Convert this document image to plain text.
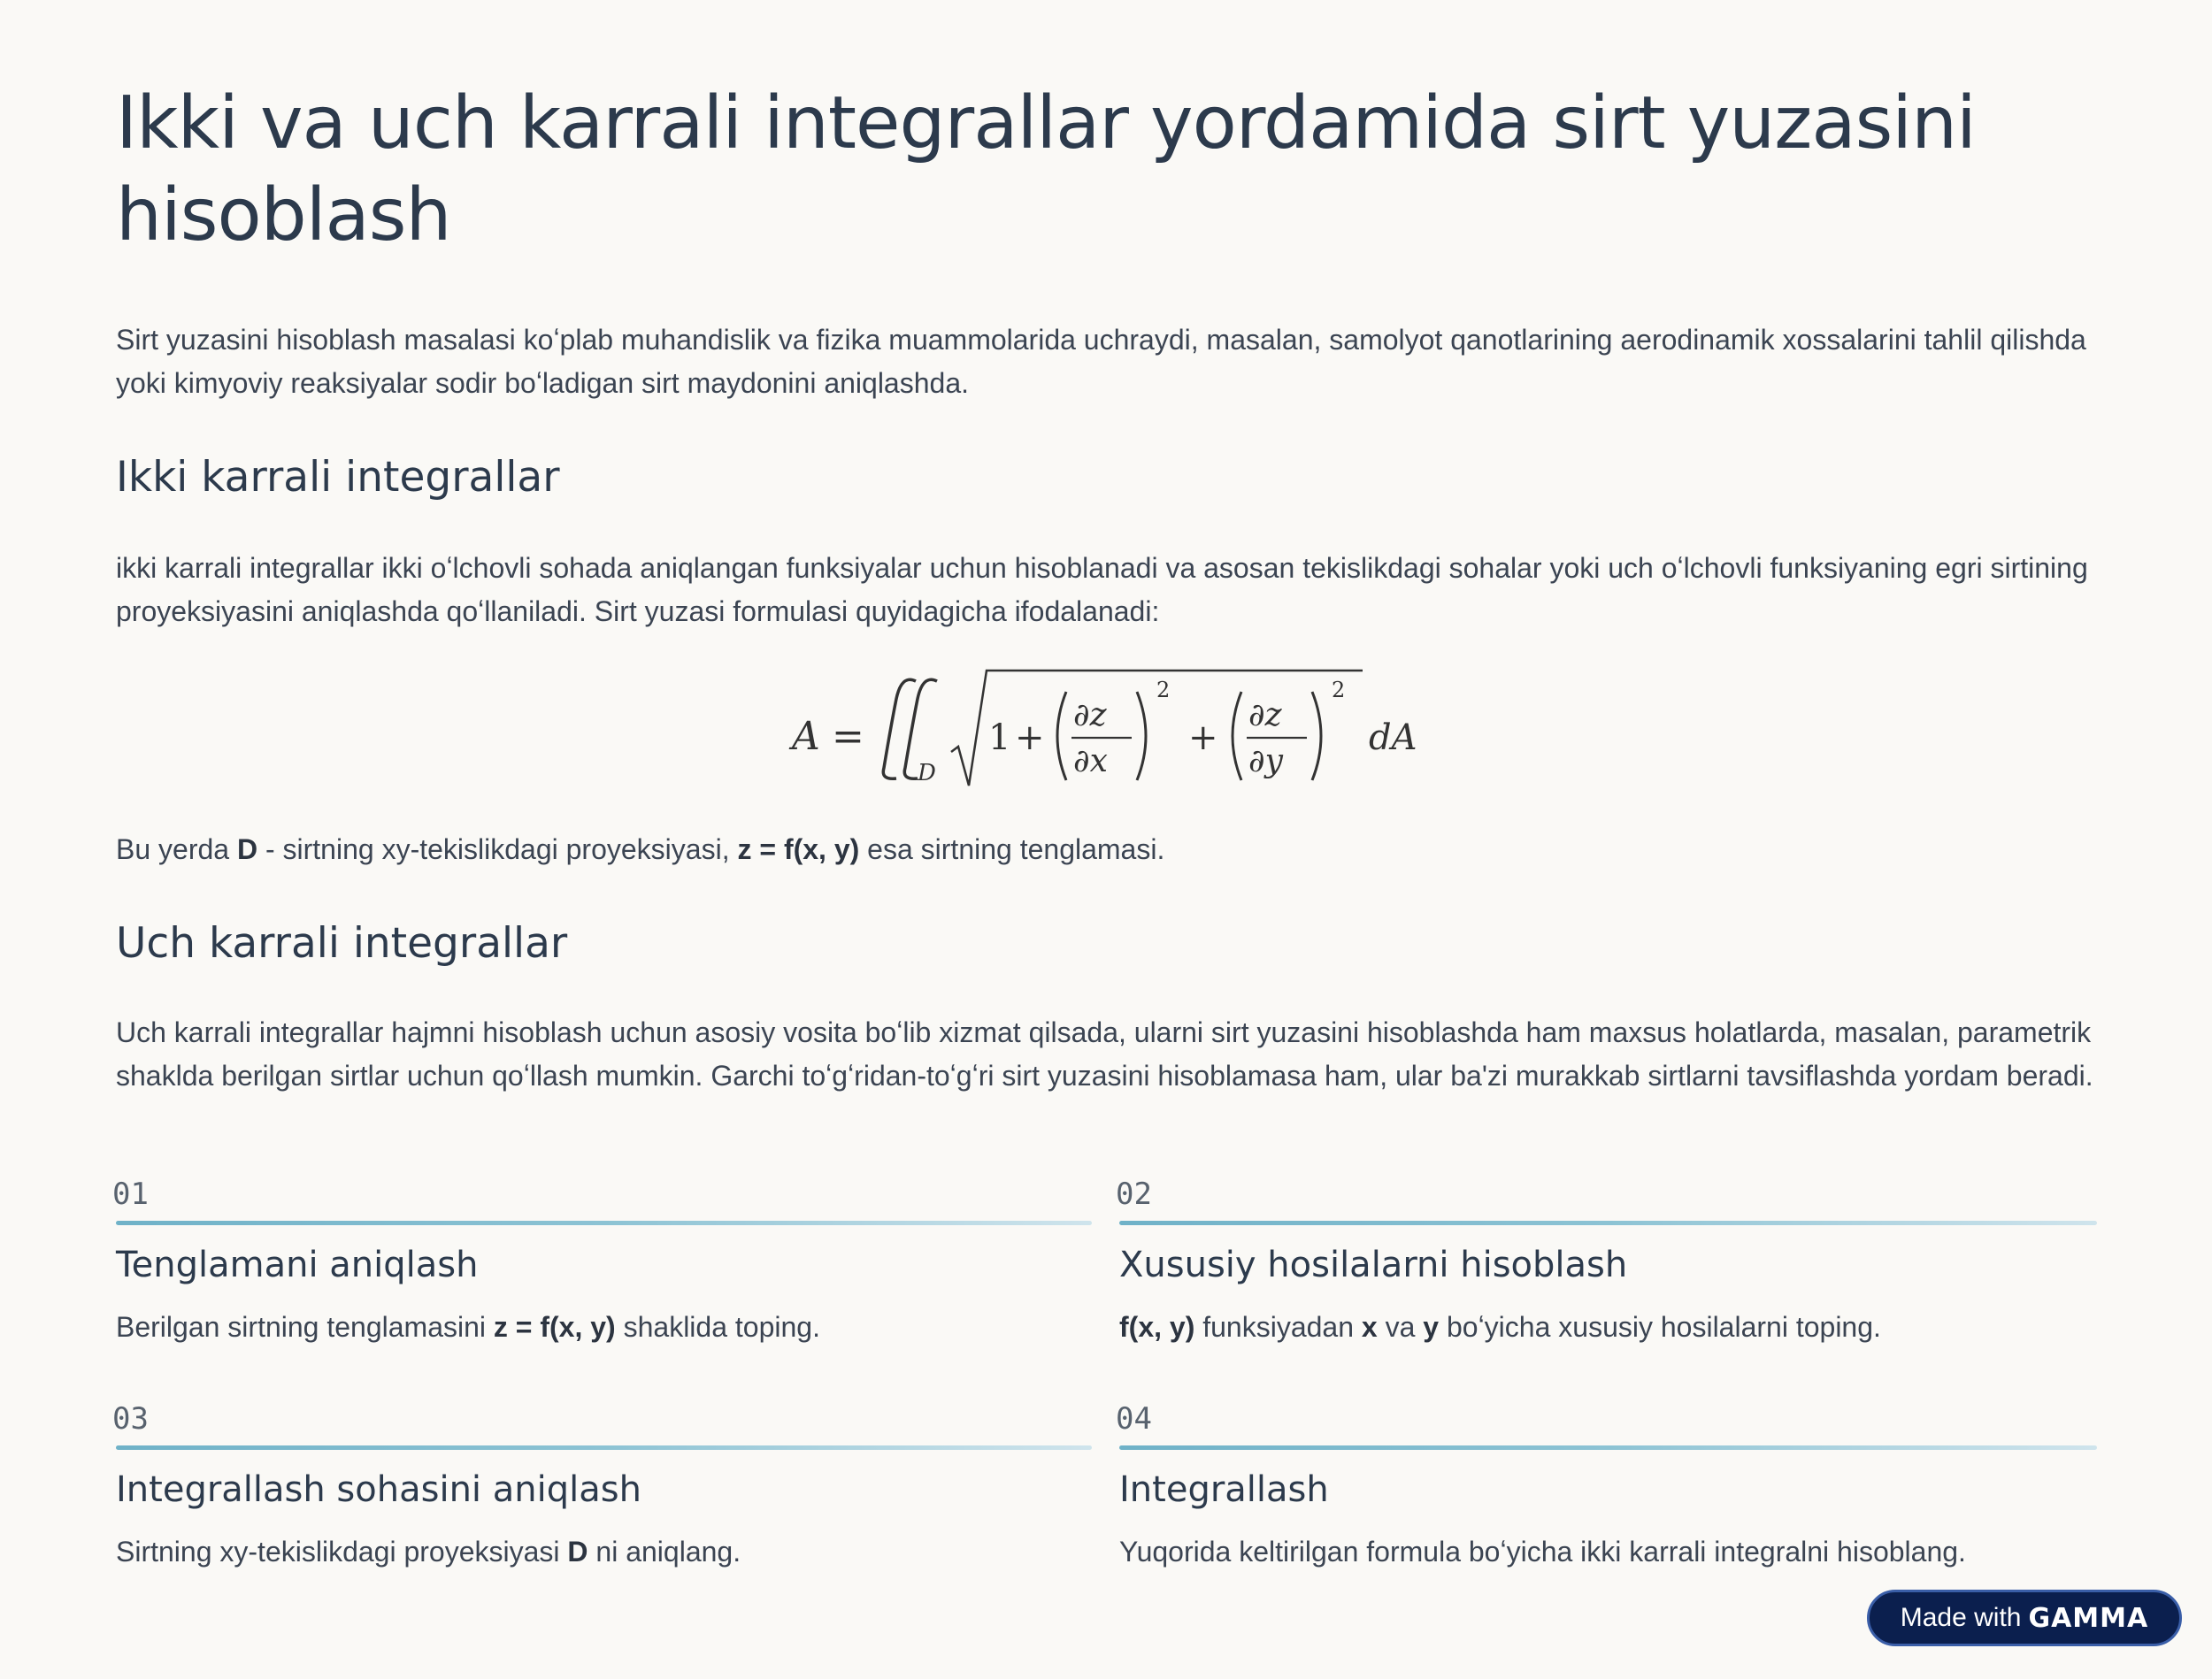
Ikki va uch karrali integrallar yordamida sirt yuzasini hisoblash

Sirt yuzasini hisoblash masalasi koʻplab muhandislik va fizika muammolarida uchraydi, masalan, samolyot qanotlarining aerodinamik xossalarini tahlil qilishda yoki kimyoviy reaksiyalar sodir boʻladigan sirt maydonini aniqlashda.

Ikki karrali integrallar

ikki karrali integrallar ikki oʻlchovli sohada aniqlangan funksiyalar uchun hisoblanadi va asosan tekislikdagi sohalar yoki uch oʻlchovli funksiyaning egri sirtining proyeksiyasini aniqlashda qoʻllaniladi. Sirt yuzasi formulasi quyidagicha ifodalanadi:

Bu yerda D - sirtning xy-tekislikdagi proyeksiyasi, z = f(x, y) esa sirtning tenglamasi.

Uch karrali integrallar

Uch karrali integrallar hajmni hisoblash uchun asosiy vosita boʻlib xizmat qilsada, ularni sirt yuzasini hisoblashda ham maxsus holatlarda, masalan, parametrik shaklda berilgan sirtlar uchun qoʻllash mumkin. Garchi toʻgʻridan-toʻgʻri sirt yuzasini hisoblamasa ham, ular ba'zi murakkab sirtlarni tavsiflashda yordam beradi.

A =
D
1 +
∂z
∂x
2
+
∂z
∂y
2
dA
01

Tenglamani aniqlash

Berilgan sirtning tenglamasini z = f(x, y) shaklida toping.

02

Xususiy hosilalarni hisoblash

f(x, y) funksiyadan x va y boʻyicha xususiy hosilalarni toping.

03

Integrallash sohasini aniqlash

Sirtning xy-tekislikdagi proyeksiyasi D ni aniqlang.

04

Integrallash

Yuqorida keltirilgan formula boʻyicha ikki karrali integralni hisoblang.

Made with GAMMA
